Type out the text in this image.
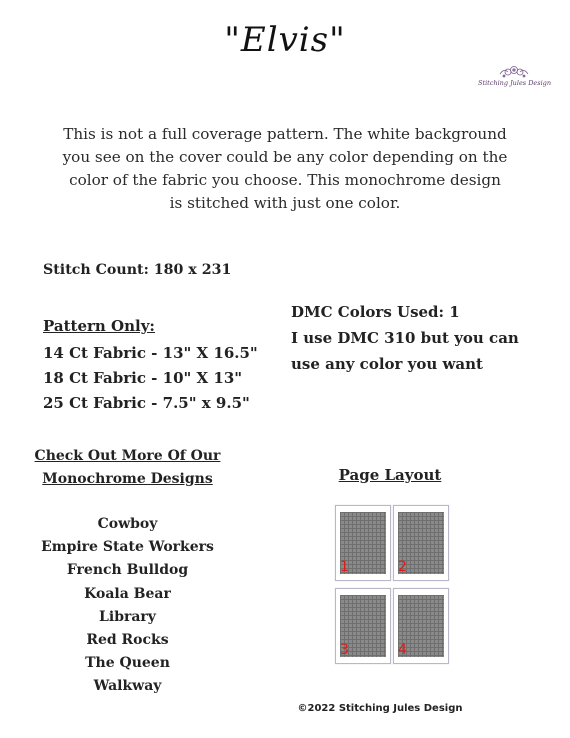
"Elvis"
Stitching Jules Design
This is not a full coverage pattern. The white background
you see on the cover could be any color depending on the
color of the fabric you choose. This monochrome design
is stitched with just one color.
Stitch Count: 180 x 231
Pattern Only:
14 Ct Fabric - 13" X 16.5"
18 Ct Fabric - 10" X 13"
25 Ct Fabric - 7.5" x 9.5"
DMC Colors Used: 1
I use DMC 310 but you can
use any color you want
Check Out More Of Our
Monochrome Designs
Cowboy
Empire State Workers
French Bulldog
Koala Bear
Library
Red Rocks
The Queen
Walkway
Page Layout
1	2
3	4
©2022 Stitching Jules Design
